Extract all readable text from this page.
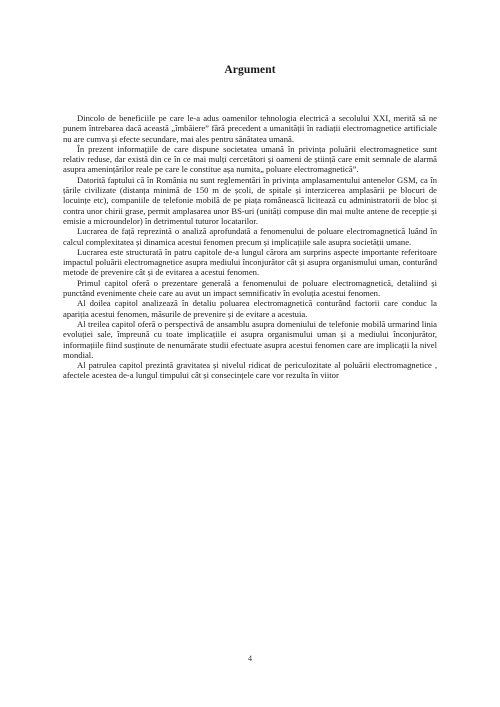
Argument

Dincolo de beneficiile pe care le-a adus oamenilor tehnologia electrică a secolului XXI, merită să ne punem întrebarea dacă această „îmbăiere” fără precedent a umanității în radiații electromagnetice artificiale nu are cumva și efecte secundare, mai ales pentru sănătatea umană.

În prezent informațiile de care dispune societatea umană în privința poluării electromagnetice sunt relativ reduse, dar există din ce în ce mai mulți cercetători și oameni de știință care emit semnale de alarmă asupra amenințărilor reale pe care le constitue așa numita„ poluare electromagnetică”.

Datorită faptului că în România nu sunt reglementări în privința amplasamentului antenelor GSM, ca în țările civilizate (distanța minimă de 150 m de școli, de spitale și interzicerea amplasării pe blocuri de locuințe etc), companiile de telefonie mobilă de pe piața românească licitează cu administratorii de bloc și contra unor chirii grase, permit amplasarea unor BS-uri (unități compuse din mai multe antene de recepție și emisie a microundelor) în detrimentul tuturor locatarilor.

Lucrarea de față reprezintă o analiză aprofundată a fenomenului de poluare electromagnetică luând în calcul complexitatea și dinamica acestui fenomen precum și implicațiile sale asupra societății umane.

Lucrarea este structurată în patru capitole de-a lungul cărora am surprins aspecte importante referitoare impactul poluării electromagnetice asupra mediului înconjurător cât și asupra organismului uman, conturând metode de prevenire cât și de evitarea a acestui fenomen.

Primul capitol oferă o prezentare generală a fenomenului de poluare electromagnetică, detaliind și punctând evenimente cheie care au avut un impact semnificativ în evoluția acestui fenomen.

Al doilea capitol analizează în detaliu poluarea electromagnetică conturând factorii care conduc la apariția acestui fenomen, măsurile de prevenire și de evitare a acestuia.

Al treilea capitol oferă o perspectivă de ansamblu asupra domeniului de telefonie mobilă urmarind linia evoluției sale, împreună cu toate implicațiile ei asupra organismului uman și a mediului înconjurător, informațiile fiind susținute de nenumărate studii efectuate asupra acestui fenomen care are implicații la nivel mondial.

Al patrulea capitol prezintă gravitatea și nivelul ridicat de periculozitate al poluării electromagnetice , afectele acestea de-a lungul timpului cât și consecințele care vor rezulta în viitor

4
